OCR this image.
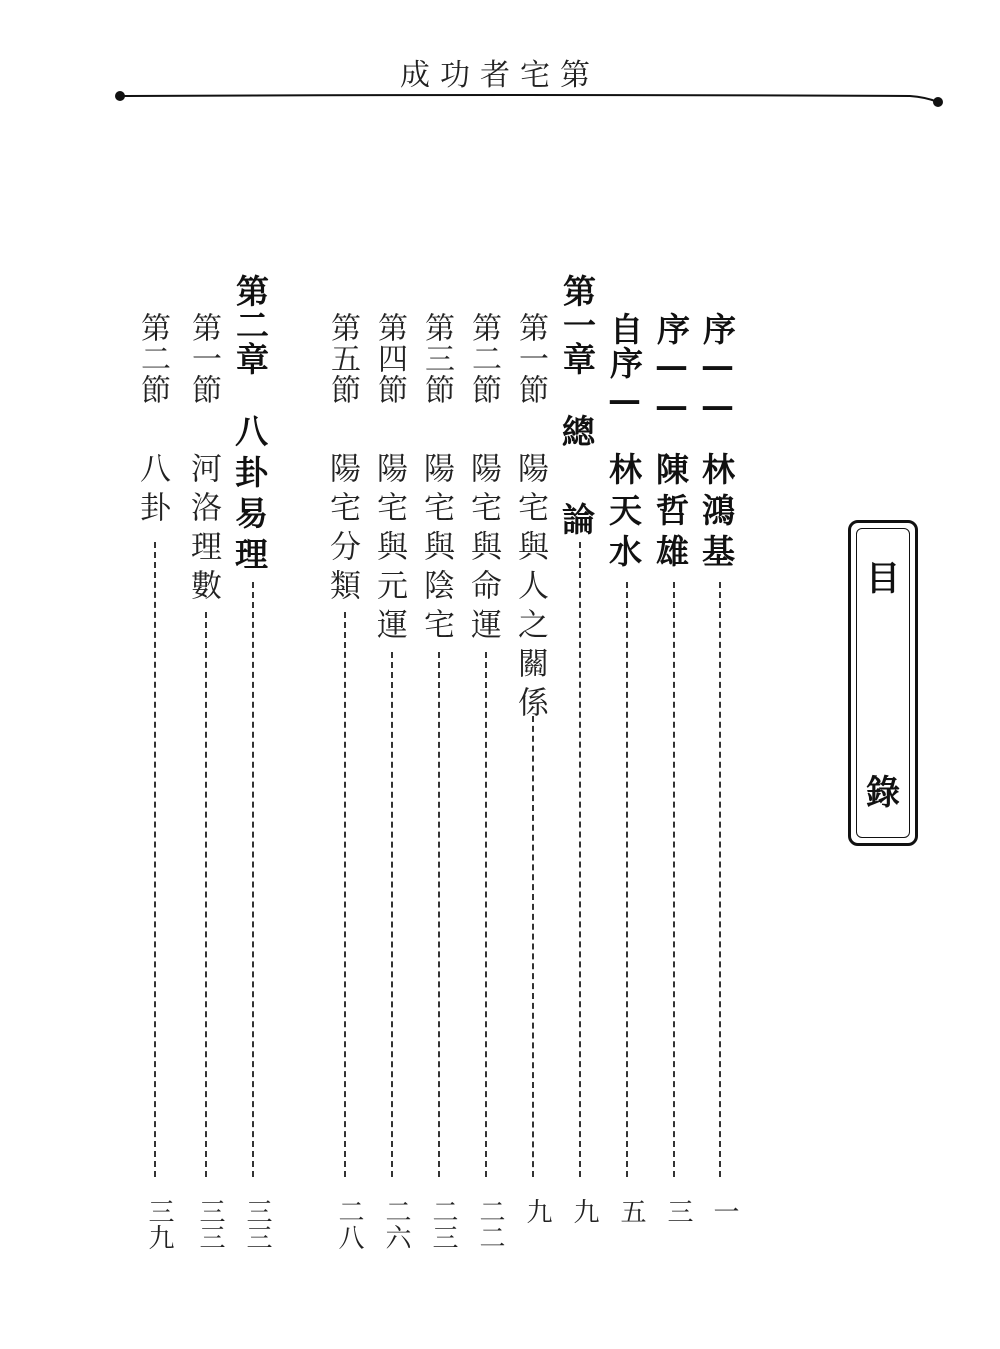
成功者宅第
目
錄
序——
林鴻基
一
序——
陳哲雄
三
自序—
林天水
五
第一章
總 論
九
第一節
陽宅與人之關係
九
第二節
陽宅與命運
二二
第三節
陽宅與陰宅
二三
第四節
陽宅與元運
二六
第五節
陽宅分類
二八
第二章
八卦易理
三三
第一節
河洛理數
三三
第二節
八卦
三九
